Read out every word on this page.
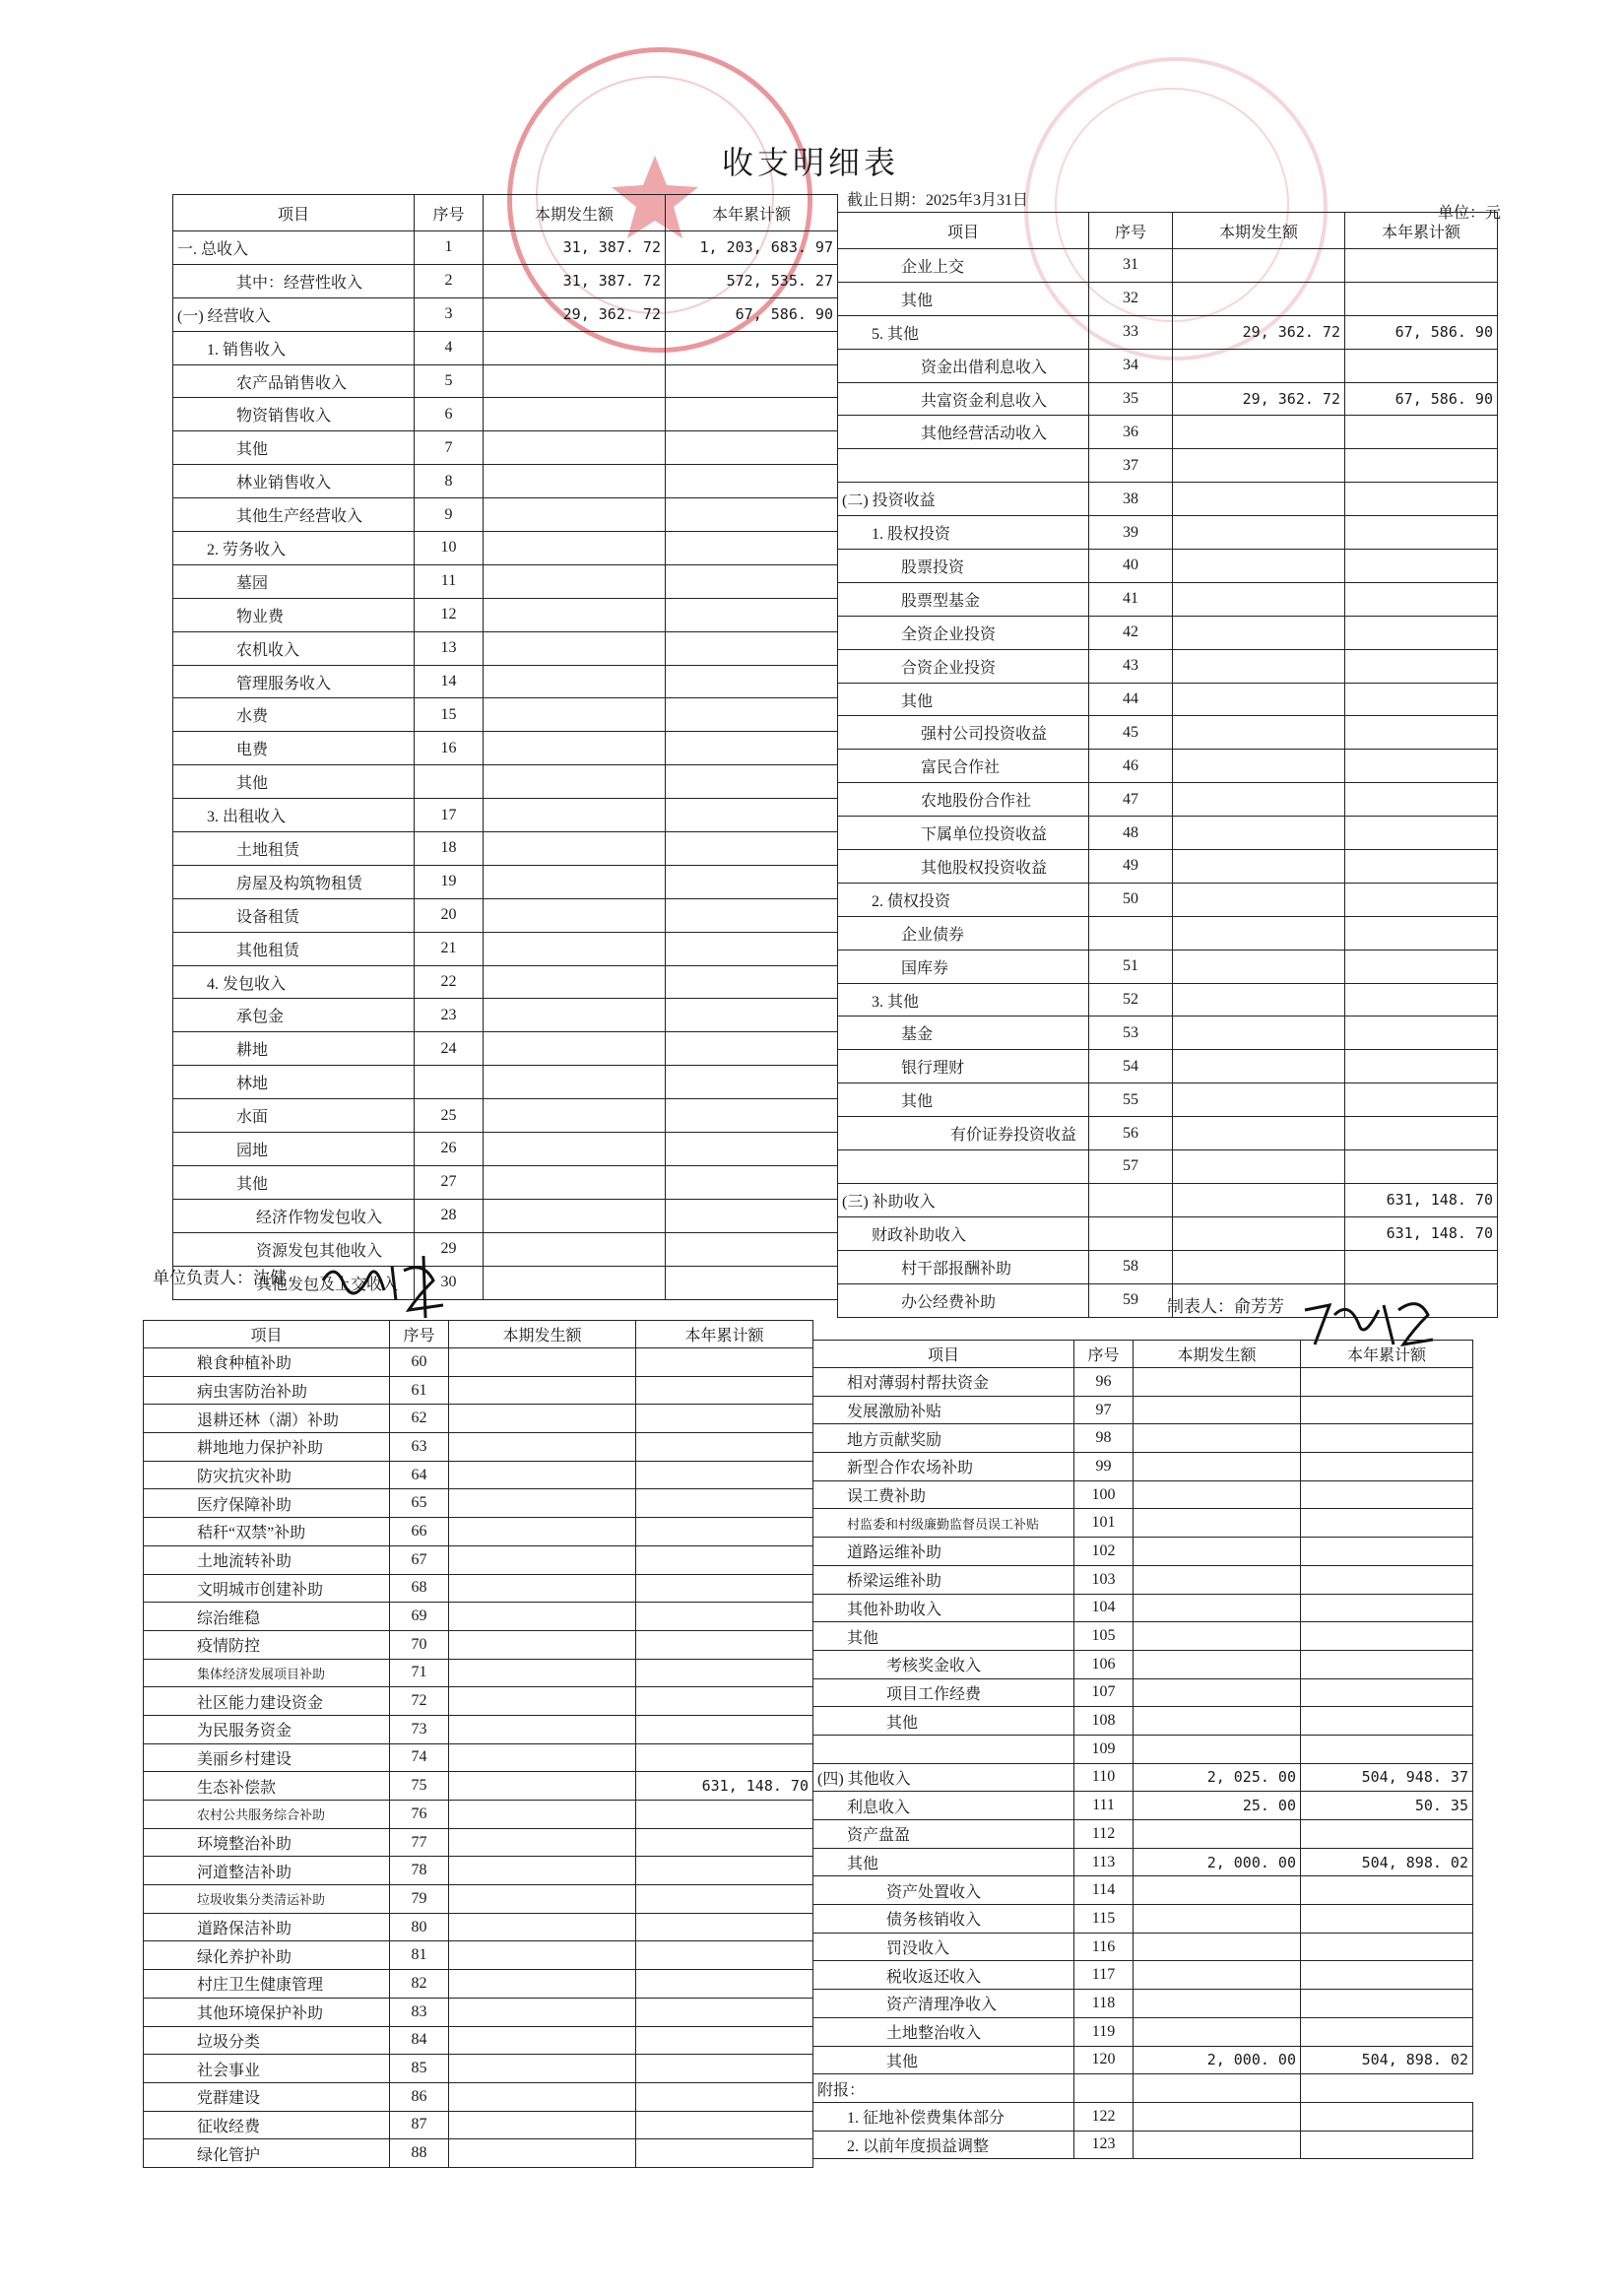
收支明细表
截止日期：2025年3月31日
单位：元
项目	序号	本期发生额	本年累计额
一. 总收入	1	31, 387. 72	1, 203, 683. 97
其中：经营性收入	2	31, 387. 72	572, 535. 27
(一) 经营收入	3	29, 362. 72	67, 586. 90
1. 销售收入	4		
农产品销售收入	5		
物资销售收入	6		
其他	7		
林业销售收入	8		
其他生产经营收入	9		
2. 劳务收入	10		
墓园	11		
物业费	12		
农机收入	13		
管理服务收入	14		
水费	15		
电费	16		
其他			
3. 出租收入	17		
土地租赁	18		
房屋及构筑物租赁	19		
设备租赁	20		
其他租赁	21		
4. 发包收入	22		
承包金	23		
耕地	24		
林地			
水面	25		
园地	26		
其他	27		
经济作物发包收入	28		
资源发包其他收入	29		
其他发包及上交收入	30		
项目	序号	本期发生额	本年累计额
企业上交	31		
其他	32		
5. 其他	33	29, 362. 72	67, 586. 90
资金出借利息收入	34		
共富资金利息收入	35	29, 362. 72	67, 586. 90
其他经营活动收入	36		
	37		
(二) 投资收益	38		
1. 股权投资	39		
股票投资	40		
股票型基金	41		
全资企业投资	42		
合资企业投资	43		
其他	44		
强村公司投资收益	45		
富民合作社	46		
农地股份合作社	47		
下属单位投资收益	48		
其他股权投资收益	49		
2. 债权投资	50		
企业债券			
国库券	51		
3. 其他	52		
基金	53		
银行理财	54		
其他	55		
有价证券投资收益	56		
	57		
(三) 补助收入			631, 148. 70
财政补助收入			631, 148. 70
村干部报酬补助	58		
办公经费补助	59		
单位负责人：沈健
制表人：俞芳芳
项目	序号	本期发生额	本年累计额
粮食种植补助	60		
病虫害防治补助	61		
退耕还林（湖）补助	62		
耕地地力保护补助	63		
防灾抗灾补助	64		
医疗保障补助	65		
秸秆“双禁”补助	66		
土地流转补助	67		
文明城市创建补助	68		
综治维稳	69		
疫情防控	70		
集体经济发展项目补助	71		
社区能力建设资金	72		
为民服务资金	73		
美丽乡村建设	74		
生态补偿款	75		631, 148. 70
农村公共服务综合补助	76		
环境整治补助	77		
河道整洁补助	78		
垃圾收集分类清运补助	79		
道路保洁补助	80		
绿化养护补助	81		
村庄卫生健康管理	82		
其他环境保护补助	83		
垃圾分类	84		
社会事业	85		
党群建设	86		
征收经费	87		
绿化管护	88		
项目	序号	本期发生额	本年累计额
相对薄弱村帮扶资金	96		
发展激励补贴	97		
地方贡献奖励	98		
新型合作农场补助	99		
误工费补助	100		
村监委和村级廉勤监督员误工补贴	101		
道路运维补助	102		
桥梁运维补助	103		
其他补助收入	104		
其他	105		
考核奖金收入	106		
项目工作经费	107		
其他	108		
	109		
(四) 其他收入	110	2, 025. 00	504, 948. 37
利息收入	111	25. 00	50. 35
资产盘盈	112		
其他	113	2, 000. 00	504, 898. 02
资产处置收入	114		
债务核销收入	115		
罚没收入	116		
税收返还收入	117		
资产清理净收入	118		
土地整治收入	119		
其他	120	2, 000. 00	504, 898. 02
附报：			
1. 征地补偿费集体部分	122		
2. 以前年度损益调整	123		
